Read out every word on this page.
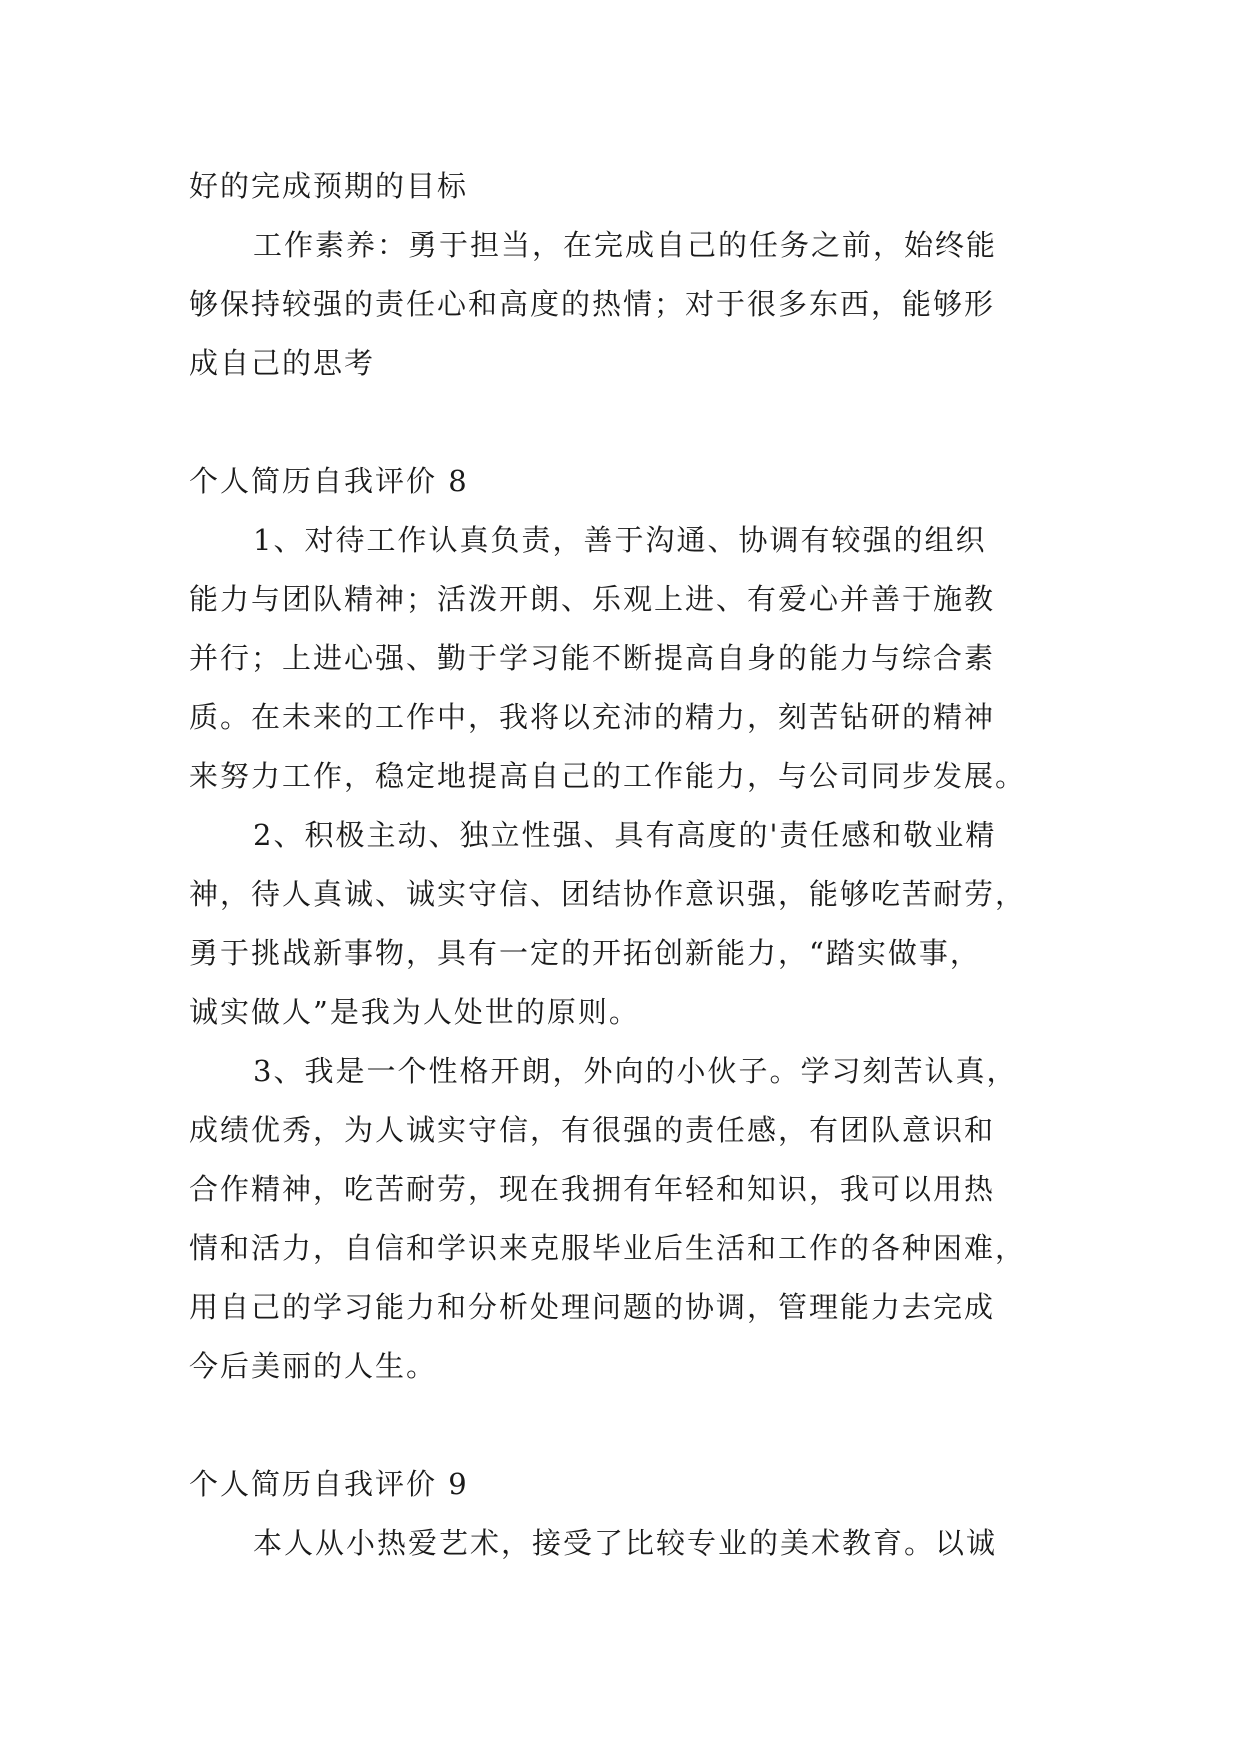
好的完成预期的目标
工作素养：勇于担当，在完成自己的任务之前，始终能
够保持较强的责任心和高度的热情；对于很多东西，能够形
成自己的思考
个人简历自我评价 8
1、对待工作认真负责，善于沟通、协调有较强的组织
能力与团队精神；活泼开朗、乐观上进、有爱心并善于施教
并行；上进心强、勤于学习能不断提高自身的能力与综合素
质。在未来的工作中，我将以充沛的精力，刻苦钻研的精神
来努力工作，稳定地提高自己的工作能力，与公司同步发展。
2、积极主动、独立性强、具有高度的'责任感和敬业精
神，待人真诚、诚实守信、团结协作意识强，能够吃苦耐劳，
勇于挑战新事物，具有一定的开拓创新能力，“踏实做事，
诚实做人”是我为人处世的原则。
3、我是一个性格开朗，外向的小伙子。学习刻苦认真，
成绩优秀，为人诚实守信，有很强的责任感，有团队意识和
合作精神，吃苦耐劳，现在我拥有年轻和知识，我可以用热
情和活力，自信和学识来克服毕业后生活和工作的各种困难，
用自己的学习能力和分析处理问题的协调，管理能力去完成
今后美丽的人生。
个人简历自我评价 9
本人从小热爱艺术，接受了比较专业的美术教育。以诚
